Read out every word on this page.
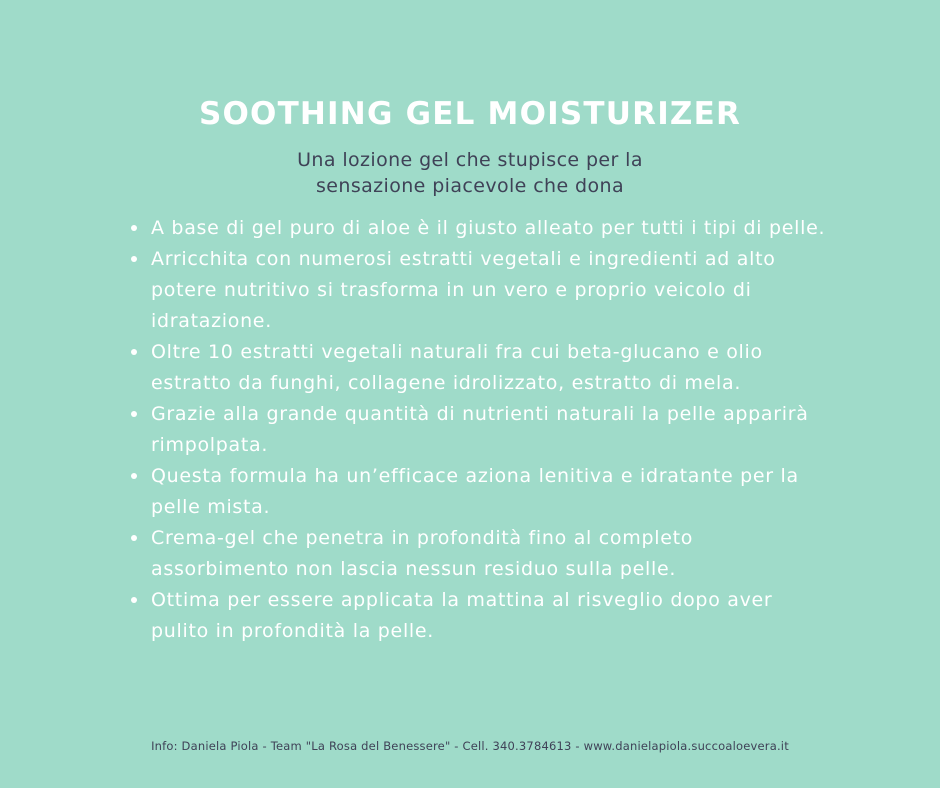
SOOTHING GEL MOISTURIZER
Una lozione gel che stupisce per la
sensazione piacevole che dona
A base di gel puro di aloe è il giusto alleato per tutti i tipi di pelle.
Arricchita con numerosi estratti vegetali e ingredienti ad alto potere nutritivo si trasforma in un vero e proprio veicolo di idratazione.
Oltre 10 estratti vegetali naturali fra cui beta-glucano e olio estratto da funghi, collagene idrolizzato, estratto di mela.
Grazie alla grande quantità di nutrienti naturali la pelle apparirà rimpolpata.
Questa formula ha un’efficace aziona lenitiva e idratante per la pelle mista.
Crema-gel che penetra in profondità fino al completo assorbimento non lascia nessun residuo sulla pelle.
Ottima per essere applicata la mattina al risveglio dopo aver pulito in profondità la pelle.
Info: Daniela Piola - Team "La Rosa del Benessere" - Cell. 340.3784613 - www.danielapiola.succoaloevera.it
